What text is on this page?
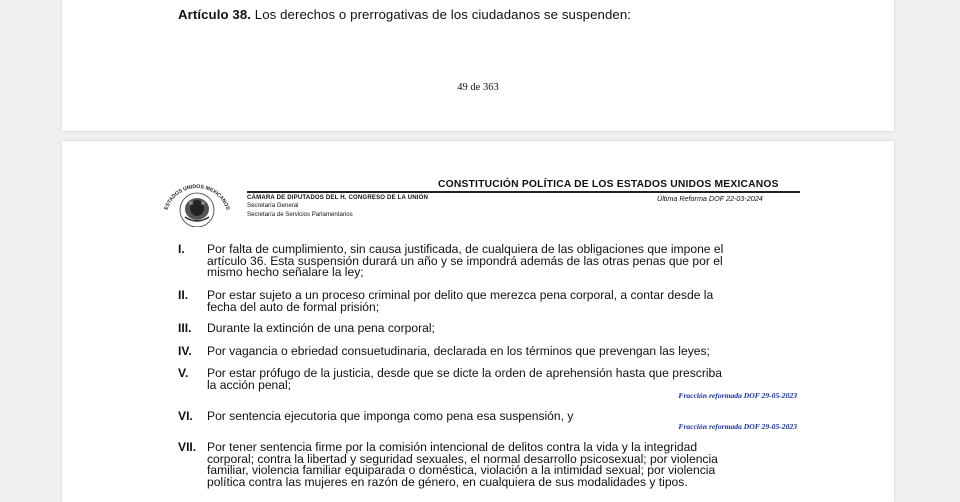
Artículo 38. Los derechos o prerrogativas de los ciudadanos se suspenden:
49 de 363
ESTADOS UNIDOS MEXICANOS
CONSTITUCIÓN POLÍTICA DE LOS ESTADOS UNIDOS MEXICANOS
CÁMARA DE DIPUTADOS DEL H. CONGRESO DE LA UNIÓN
Secretaría General
Secretaría de Servicios Parlamentarios
Última Reforma DOF 22-03-2024
I. Por falta de cumplimiento, sin causa justificada, de cualquiera de las obligaciones que impone el
artículo 36. Esta suspensión durará un año y se impondrá además de las otras penas que por el
mismo hecho señalare la ley;
II. Por estar sujeto a un proceso criminal por delito que merezca pena corporal, a contar desde la
fecha del auto de formal prisión;
III. Durante la extinción de una pena corporal;
IV. Por vagancia o ebriedad consuetudinaria, declarada en los términos que prevengan las leyes;
V. Por estar prófugo de la justicia, desde que se dicte la orden de aprehensión hasta que prescriba
la acción penal;
Fracción reformada DOF 29-05-2023
VI. Por sentencia ejecutoria que imponga como pena esa suspensión, y
Fracción reformada DOF 29-05-2023
VII. Por tener sentencia firme por la comisión intencional de delitos contra la vida y la integridad
corporal; contra la libertad y seguridad sexuales, el normal desarrollo psicosexual; por violencia
familiar, violencia familiar equiparada o doméstica, violación a la intimidad sexual; por violencia
política contra las mujeres en razón de género, en cualquiera de sus modalidades y tipos.
